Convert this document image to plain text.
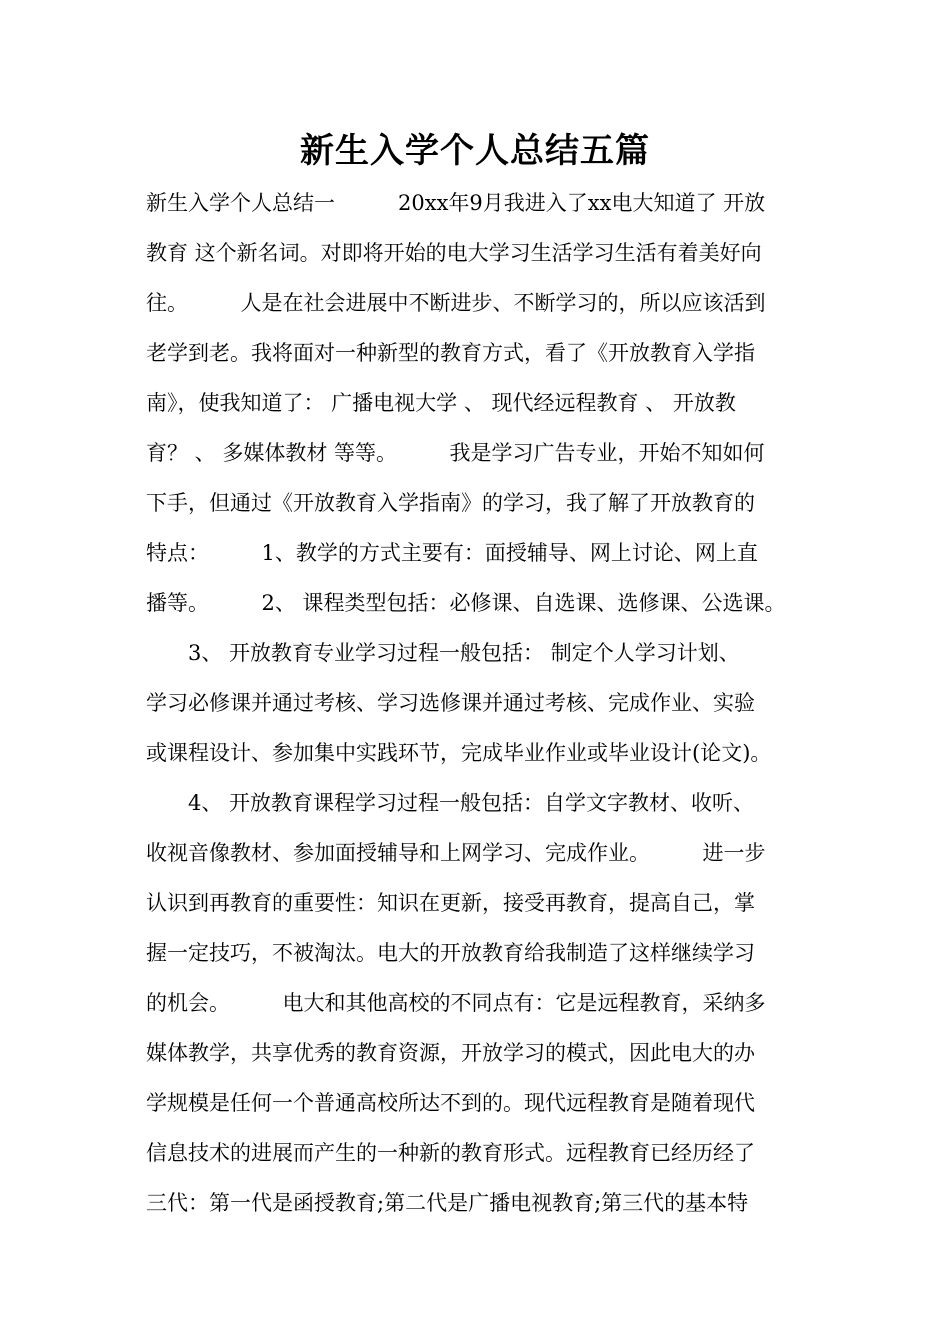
新生入学个人总结五篇
新生入学个人总结一　　　20xx年9月我进入了xx电大知道了 开放
教育 这个新名词。对即将开始的电大学习生活学习生活有着美好向
往。　　　人是在社会进展中不断进步、不断学习的，所以应该活到
老学到老。我将面对一种新型的教育方式，看了《开放教育入学指
南》，使我知道了： 广播电视大学 、 现代经远程教育 、 开放教
育？ 、 多媒体教材 等等。　　　我是学习广告专业，开始不知如何
下手，但通过《开放教育入学指南》的学习，我了解了开放教育的
特点：　　　1、教学的方式主要有：面授辅导、网上讨论、网上直
播等。　　　2、 课程类型包括：必修课、自选课、选修课、公选课。
　　3、 开放教育专业学习过程一般包括： 制定个人学习计划、
学习必修课并通过考核、学习选修课并通过考核、完成作业、实验
或课程设计、参加集中实践环节，完成毕业作业或毕业设计(论文)。
　　4、 开放教育课程学习过程一般包括：自学文字教材、收听、
收视音像教材、参加面授辅导和上网学习、完成作业。　　　进一步
认识到再教育的重要性：知识在更新，接受再教育，提高自己，掌
握一定技巧，不被淘汰。电大的开放教育给我制造了这样继续学习
的机会。　　　电大和其他高校的不同点有：它是远程教育，采纳多
媒体教学，共享优秀的教育资源，开放学习的模式，因此电大的办
学规模是任何一个普通高校所达不到的。现代远程教育是随着现代
信息技术的进展而产生的一种新的教育形式。远程教育已经历经了
三代：第一代是函授教育;第二代是广播电视教育;第三代的基本特
